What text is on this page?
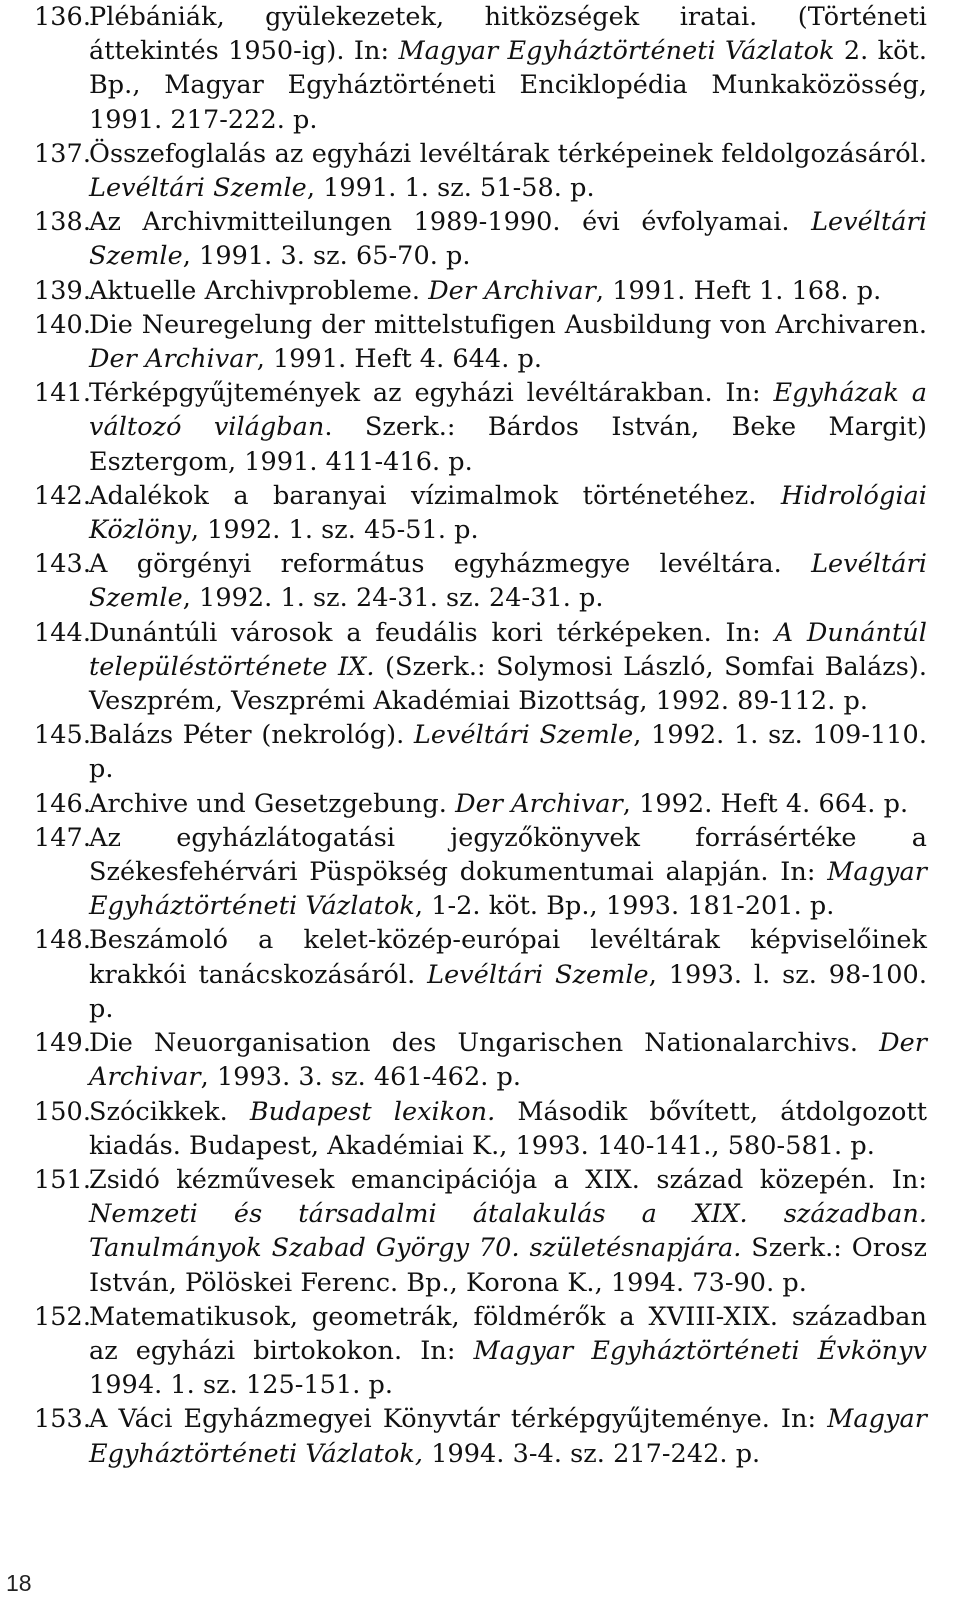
136.
Plébániák, gyülekezetek, hitközségek iratai. (Történeti áttekintés 1950-ig). In: Magyar Egyháztörténeti Vázlatok 2. köt. Bp., Magyar Egyháztörténeti Enciklopédia Munkaközösség, 1991. 217-222. p.
137.
Összefoglalás az egyházi levéltárak térképeinek feldolgozásáról. Levéltári Szemle, 1991. 1. sz. 51-58. p.
138.
Az Archivmitteilungen 1989-1990. évi évfolyamai. Levéltári Szemle, 1991. 3. sz. 65-70. p.
139.
Aktuelle Archivprobleme. Der Archivar, 1991. Heft 1. 168. p.
140.
Die Neuregelung der mittelstufigen Ausbildung von Archivaren. Der Archivar, 1991. Heft 4. 644. p.
141.
Térképgyűjtemények az egyházi levéltárakban. In: Egyházak a változó világban. Szerk.: Bárdos István, Beke Margit) Esztergom, 1991. 411-416. p.
142.
Adalékok a baranyai vízimalmok történetéhez. Hidrológiai Közlöny, 1992. 1. sz. 45-51. p.
143.
A görgényi református egyházmegye levéltára. Levéltári Szemle, 1992. 1. sz. 24-31. sz. 24-31. p.
144.
Dunántúli városok a feudális kori térképeken. In: A Dunántúl településtörténete IX. (Szerk.: Solymosi László, Somfai Balázs). Veszprém, Veszprémi Akadémiai Bizottság, 1992. 89-112. p.
145.
Balázs Péter (nekrológ). Levéltári Szemle, 1992. 1. sz. 109-110. p.
146.
Archive und Gesetzgebung. Der Archivar, 1992. Heft 4. 664. p.
147.
Az egyházlátogatási jegyzőkönyvek forrásértéke a Székesfehérvári Püspökség dokumentumai alapján. In: Magyar Egyháztörténeti Vázlatok, 1-2. köt. Bp., 1993. 181-201. p.
148.
Beszámoló a kelet-közép-európai levéltárak képviselőinek krakkói tanácskozásáról. Levéltári Szemle, 1993. l. sz. 98-100. p.
149.
Die Neuorganisation des Ungarischen Nationalarchivs. Der Archivar, 1993. 3. sz. 461-462. p.
150.
Szócikkek. Budapest lexikon. Második bővített, átdolgozott kiadás. Budapest, Akadémiai K., 1993. 140-141., 580-581. p.
151.
Zsidó kézművesek emancipációja a XIX. század közepén. In: Nemzeti és társadalmi átalakulás a XIX. században. Tanulmányok Szabad György 70. születésnapjára. Szerk.: Orosz István, Pölöskei Ferenc. Bp., Korona K., 1994. 73-90. p.
152.
Matematikusok, geometrák, földmérők a XVIII-XIX. században az egyházi birtokokon. In: Magyar Egyháztörténeti Évkönyv 1994. 1. sz. 125-151. p.
153.
A Váci Egyházmegyei Könyvtár térképgyűjteménye. In: Magyar Egyháztörténeti Vázlatok, 1994. 3-4. sz. 217-242. p.
18
